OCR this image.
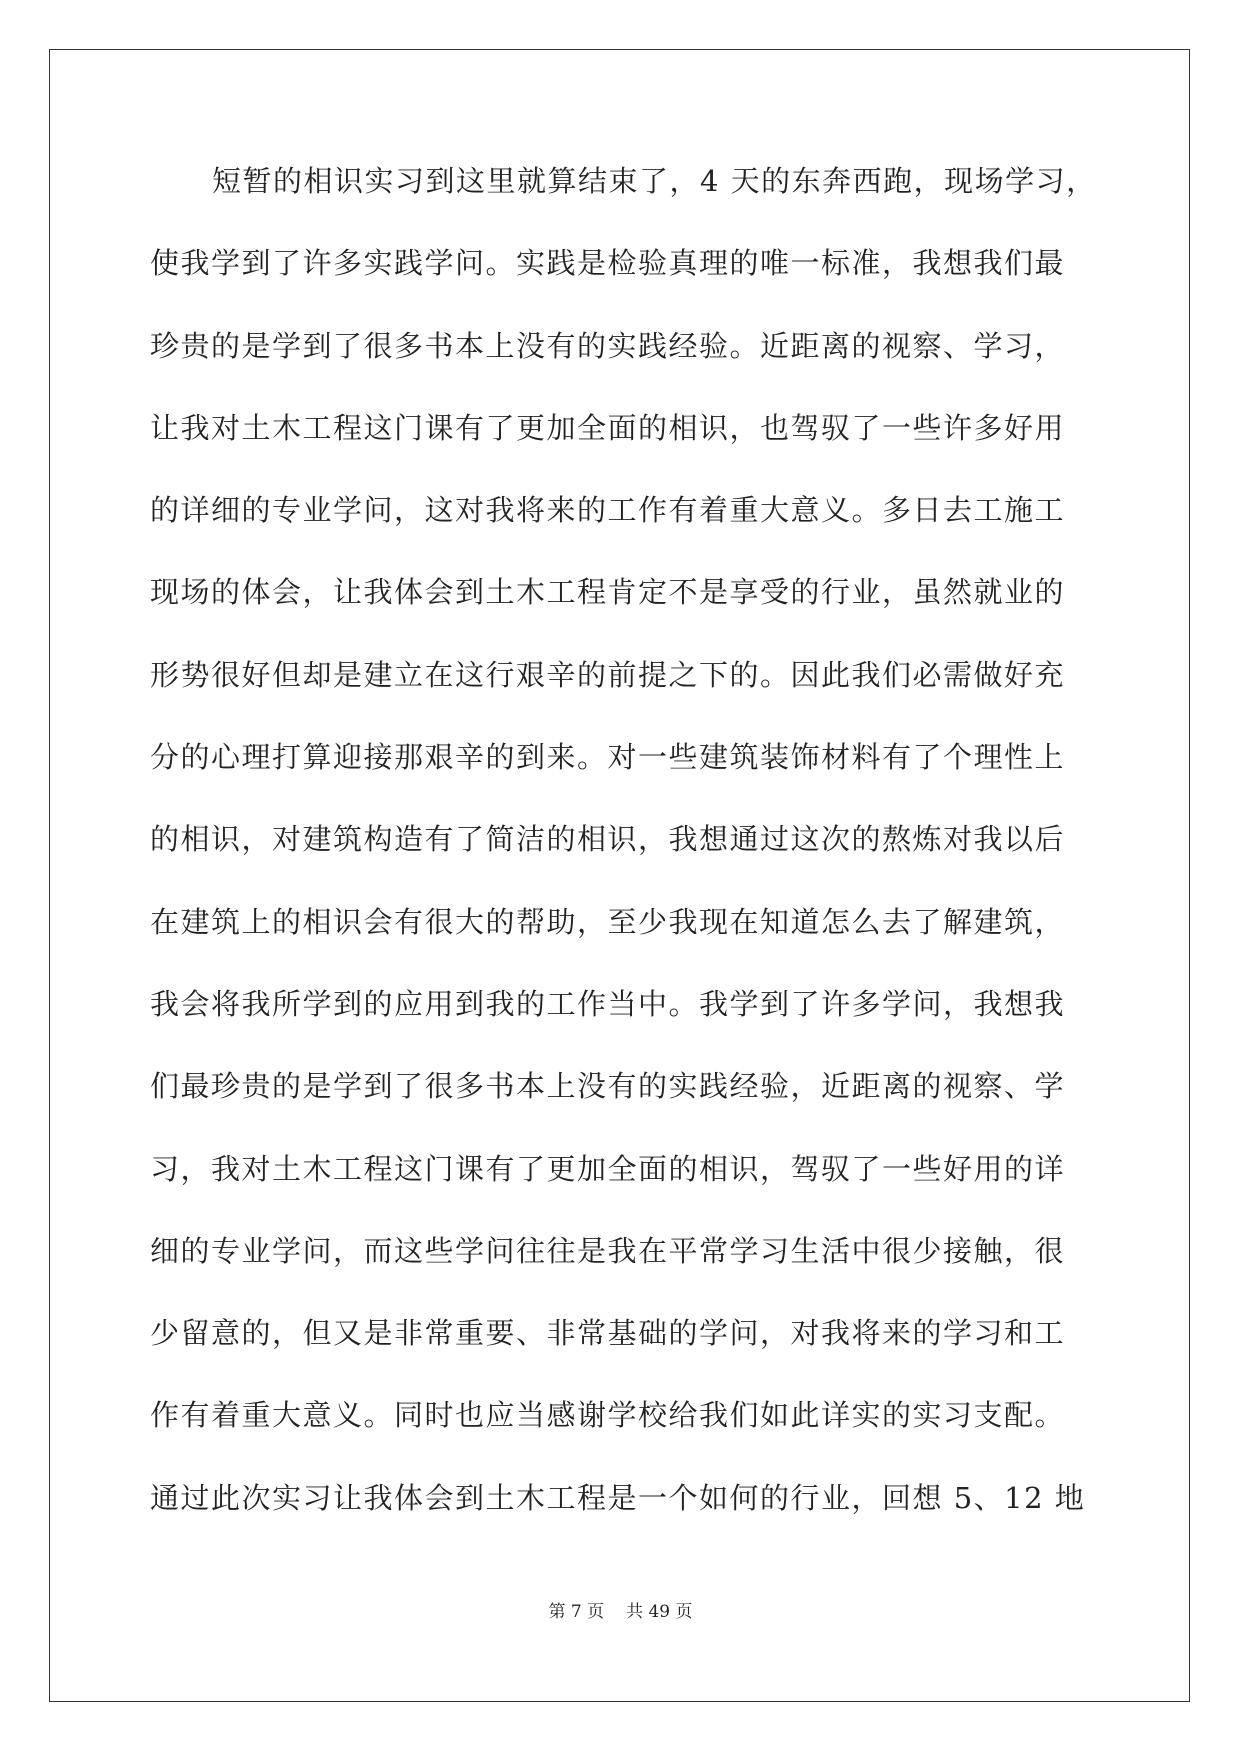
短暂的相识实习到这里就算结束了，4 天的东奔西跑，现场学习，
使我学到了许多实践学问。实践是检验真理的唯一标准，我想我们最
珍贵的是学到了很多书本上没有的实践经验。近距离的视察、学习，
让我对土木工程这门课有了更加全面的相识，也驾驭了一些许多好用
的详细的专业学问，这对我将来的工作有着重大意义。多日去工施工
现场的体会，让我体会到土木工程肯定不是享受的行业，虽然就业的
形势很好但却是建立在这行艰辛的前提之下的。因此我们必需做好充
分的心理打算迎接那艰辛的到来。对一些建筑装饰材料有了个理性上
的相识，对建筑构造有了简洁的相识，我想通过这次的熬炼对我以后
在建筑上的相识会有很大的帮助，至少我现在知道怎么去了解建筑，
我会将我所学到的应用到我的工作当中。我学到了许多学问，我想我
们最珍贵的是学到了很多书本上没有的实践经验，近距离的视察、学
习，我对土木工程这门课有了更加全面的相识，驾驭了一些好用的详
细的专业学问，而这些学问往往是我在平常学习生活中很少接触，很
少留意的，但又是非常重要、非常基础的学问，对我将来的学习和工
作有着重大意义。同时也应当感谢学校给我们如此详实的实习支配。
通过此次实习让我体会到土木工程是一个如何的行业，回想 5、12 地
第 7 页 共 49 页
